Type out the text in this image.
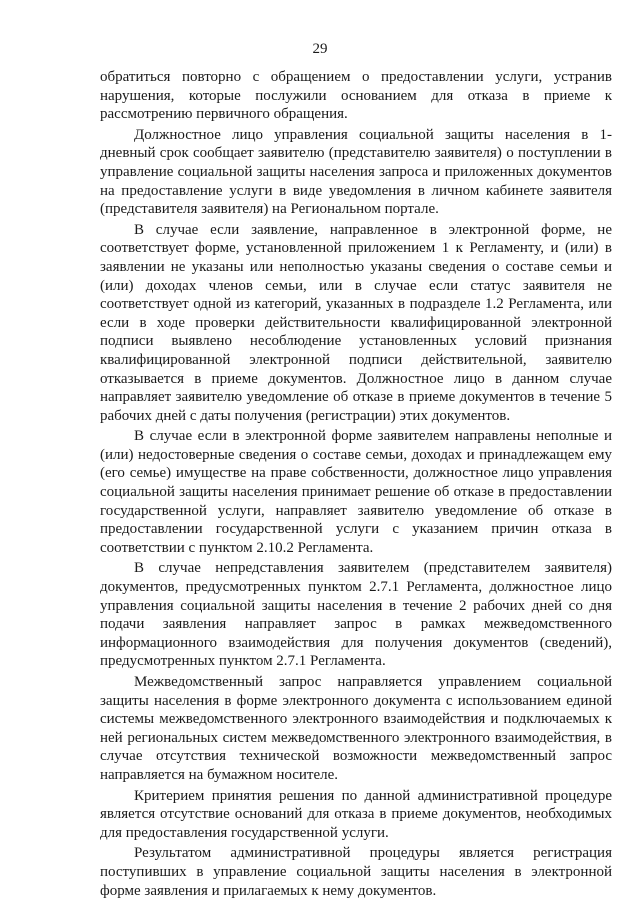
29

обратиться повторно с обращением о предоставлении услуги, устранив нарушения, которые послужили основанием для отказа в приеме к рассмотрению первичного обращения.

Должностное лицо управления социальной защиты населения в 1-дневный срок сообщает заявителю (представителю заявителя) о поступлении в управление социальной защиты населения запроса и приложенных документов на предоставление услуги в виде уведомления в личном кабинете заявителя (представителя заявителя) на Региональном портале.

В случае если заявление, направленное в электронной форме, не соответствует форме, установленной приложением 1 к Регламенту, и (или) в заявлении не указаны или неполностью указаны сведения о составе семьи и (или) доходах членов семьи, или в случае если статус заявителя не соответствует одной из категорий, указанных в подразделе 1.2 Регламента, или если в ходе проверки действительности квалифицированной электронной подписи выявлено несоблюдение установленных условий признания квалифицированной электронной подписи действительной, заявителю отказывается в приеме документов. Должностное лицо в данном случае направляет заявителю уведомление об отказе в приеме документов в течение 5 рабочих дней с даты получения (регистрации) этих документов.

В случае если в электронной форме заявителем направлены неполные и (или) недостоверные сведения о составе семьи, доходах и принадлежащем ему (его семье) имуществе на праве собственности, должностное лицо управления социальной защиты населения принимает решение об отказе в предоставлении государственной услуги, направляет заявителю уведомление об отказе в предоставлении государственной услуги с указанием причин отказа в соответствии с пунктом 2.10.2 Регламента.

В случае непредставления заявителем (представителем заявителя) документов, предусмотренных пунктом 2.7.1 Регламента, должностное лицо управления социальной защиты населения в течение 2 рабочих дней со дня подачи заявления направляет запрос в рамках межведомственного информационного взаимодействия для получения документов (сведений), предусмотренных пунктом 2.7.1 Регламента.

Межведомственный запрос направляется управлением социальной защиты населения в форме электронного документа с использованием единой системы межведомственного электронного взаимодействия и подключаемых к ней региональных систем межведомственного электронного взаимодействия, в случае отсутствия технической возможности межведомственный запрос направляется на бумажном носителе.

Критерием принятия решения по данной административной процедуре является отсутствие оснований для отказа в приеме документов, необходимых для предоставления государственной услуги.

Результатом административной процедуры является регистрация поступивших в управление социальной защиты населения в электронной форме заявления и прилагаемых к нему документов.
